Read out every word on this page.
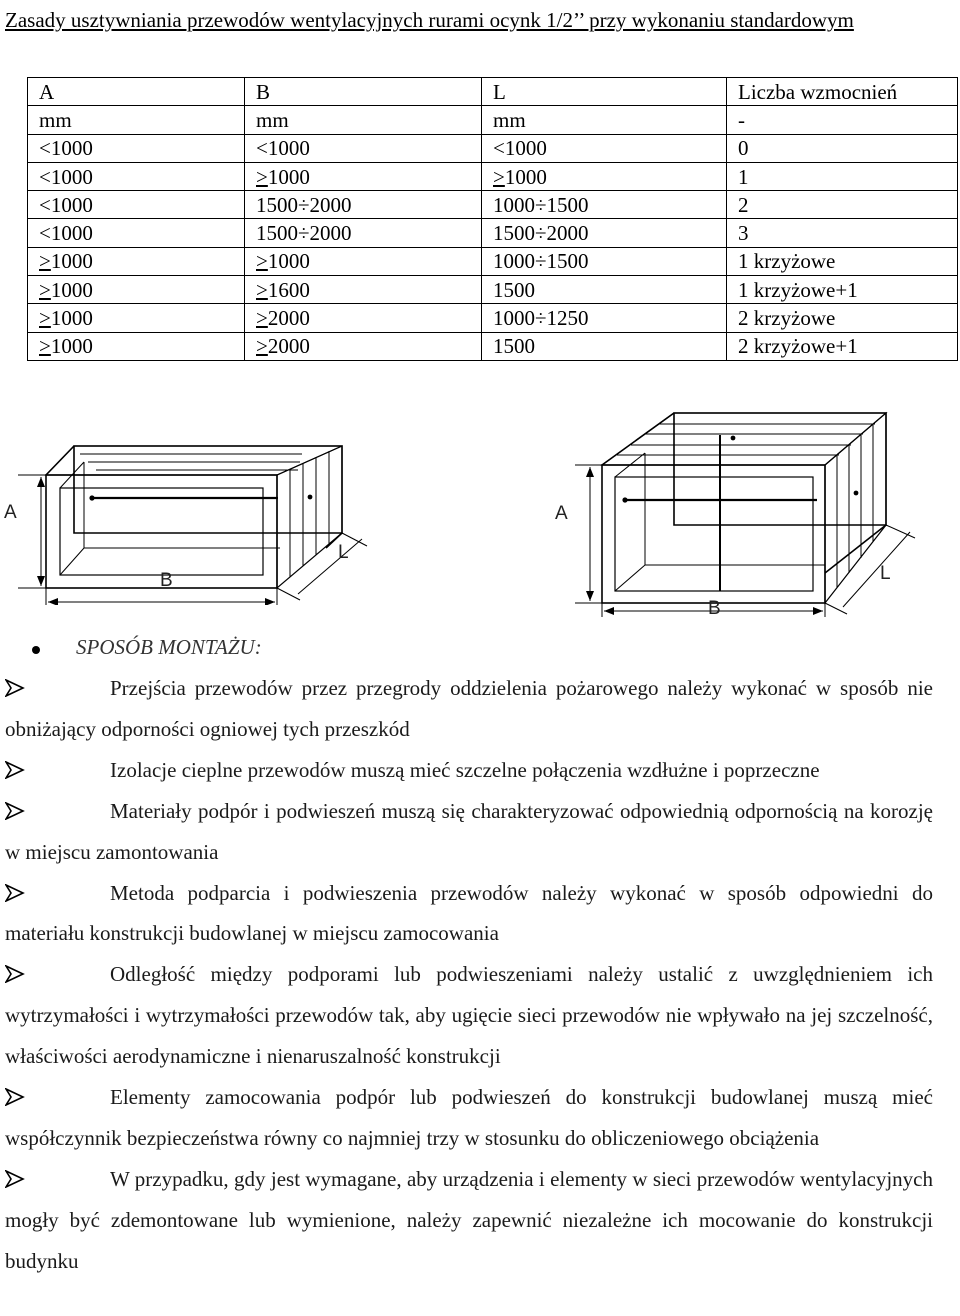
Zasady usztywniania przewodów wentylacyjnych rurami ocynk 1/2’’ przy wykonaniu standardowym
A	B	L	Liczba wzmocnień
mm	mm	mm	-
<1000	<1000	<1000	0
<1000	>1000	>1000	1
<1000	1500÷2000	1000÷1500	2
<1000	1500÷2000	1500÷2000	3
>1000	>1000	1000÷1500	1 krzyżowe
>1000	>1600	1500	1 krzyżowe+1
>1000	>2000	1000÷1250	2 krzyżowe
>1000	>2000	1500	2 krzyżowe+1
A
B
L
A
B
L
SPOSÓB MONTAŻU:

Przejścia przewodów przez przegrody oddzielenia pożarowego należy wykonać w sposób nie obniżający odporności ogniowej tych przeszkód

Izolacje cieplne przewodów muszą mieć szczelne połączenia wzdłużne i poprzeczne

Materiały podpór i podwieszeń muszą się charakteryzować odpowiednią odpornością na korozję w miejscu zamontowania

Metoda podparcia i podwieszenia przewodów należy wykonać w sposób odpowiedni do materiału konstrukcji budowlanej w miejscu zamocowania

Odległość między podporami lub podwieszeniami należy ustalić z uwzględnieniem ich wytrzymałości i wytrzymałości przewodów tak, aby ugięcie sieci przewodów nie wpływało na jej szczelność, właściwości aerodynamiczne i nienaruszalność konstrukcji

Elementy zamocowania podpór lub podwieszeń do konstrukcji budowlanej muszą mieć współczynnik bezpieczeństwa równy co najmniej trzy w stosunku do obliczeniowego obciążenia

W przypadku, gdy jest wymagane, aby urządzenia i elementy w sieci przewodów wentylacyjnych mogły być zdemontowane lub wymienione, należy zapewnić niezależne ich mocowanie do konstrukcji budynku
